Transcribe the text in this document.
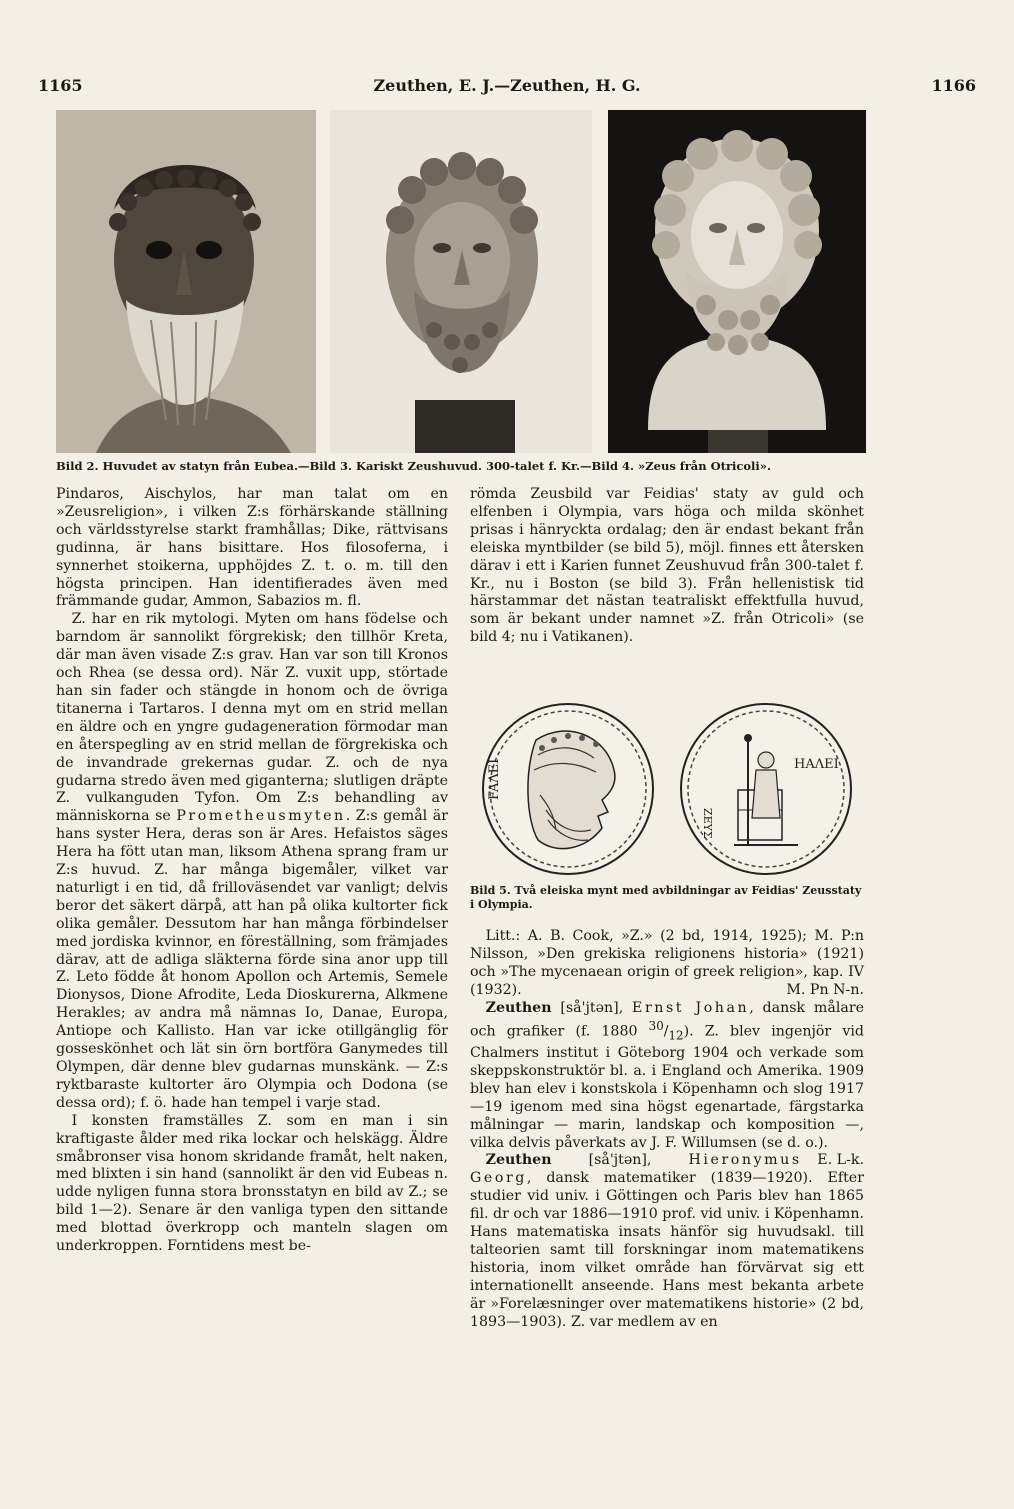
1165	Zeuthen, E. J.—Zeuthen, H. G.	1166
Bild 2. Huvudet av statyn från Eubea.—Bild 3. Kariskt Zeushuvud. 300-talet f. Kr.—Bild 4. »Zeus från Otricoli».

Pindaros, Aischylos, har man talat om en »Zeusreligion», i vilken Z:s förhärskande ställning och världsstyrelse starkt framhållas; Dike, rättvisans gudinna, är hans bisittare. Hos filosoferna, i synnerhet stoikerna, upphöjdes Z. t. o. m. till den högsta principen. Han identifierades även med främmande gudar, Ammon, Sabazios m. fl.

Z. har en rik mytologi. Myten om hans födelse och barndom är sannolikt förgrekisk; den tillhör Kreta, där man även visade Z:s grav. Han var son till Kronos och Rhea (se dessa ord). När Z. vuxit upp, störtade han sin fader och stängde in honom och de övriga titanerna i Tartaros. I denna myt om en strid mellan en äldre och en yngre gudageneration förmodar man en återspegling av en strid mellan de förgrekiska och de invandrade grekernas gudar. Z. och de nya gudarna stredo även med giganterna; slutligen dräpte Z. vulkanguden Tyfon. Om Z:s behandling av människorna se Prometheusmyten. Z:s gemål är hans syster Hera, deras son är Ares. Hefaistos säges Hera ha fött utan man, liksom Athena sprang fram ur Z:s huvud. Z. har många bigemåler, vilket var naturligt i en tid, då frilloväsendet var vanligt; delvis beror det säkert därpå, att han på olika kultorter fick olika gemåler. Dessutom har han många förbindelser med jordiska kvinnor, en föreställning, som främjades därav, att de adliga släkterna förde sina anor upp till Z. Leto födde åt honom Apollon och Artemis, Semele Dionysos, Dione Afrodite, Leda Dioskurerna, Alkmene Herakles; av andra må nämnas Io, Danae, Europa, Antiope och Kallisto. Han var icke otillgänglig för gosseskönhet och lät sin örn bortföra Ganymedes till Olympen, där denne blev gudarnas munskänk. — Z:s ryktbaraste kultorter äro Olympia och Dodona (se dessa ord); f. ö. hade han tempel i varje stad.

I konsten framställes Z. som en man i sin kraftigaste ålder med rika lockar och helskägg. Äldre småbronser visa honom skridande framåt, helt naken, med blixten i sin hand (sannolikt är den vid Eubeas n. udde nyligen funna stora bronsstatyn en bild av Z.; se bild 1—2). Senare är den vanliga typen den sittande med blottad överkropp och manteln slagen om underkroppen. Forntidens mest be-

römda Zeusbild var Feidias' staty av guld och elfenben i Olympia, vars höga och milda skönhet prisas i hänryckta ordalag; den är endast bekant från eleiska myntbilder (se bild 5), möjl. finnes ett återsken därav i ett i Karien funnet Zeushuvud från 300-talet f. Kr., nu i Boston (se bild 3). Från hellenistisk tid härstammar det nästan teatraliskt effektfulla huvud, som är bekant under namnet »Z. från Otricoli» (se bild 4; nu i Vatikanen).

FAΛΕΙ	ΗΑΛΕΙ
ΖΕΥΣ
Bild 5. Två eleiska mynt med avbildningar av Feidias' Zeusstaty i Olympia.

Litt.: A. B. Cook, »Z.» (2 bd, 1914, 1925); M. P:n Nilsson, »Den grekiska religionens historia» (1921) och »The mycenaean origin of greek religion», kap. IV (1932).	M. Pn N-n.

Zeuthen [så'jtən], Ernst Johan, dansk målare och grafiker (f. 1880 $^{30}/_{12}$). Z. blev ingenjör vid Chalmers institut i Göteborg 1904 och verkade som skeppskonstruktör bl. a. i England och Amerika. 1909 blev han elev i konstskola i Köpenhamn och slog 1917—19 igenom med sina högst egenartade, färgstarka målningar — marin, landskap och komposition —, vilka delvis påverkats av J. F. Willumsen (se d. o.).
E. L-k.

Zeuthen [så'jtən], Hieronymus Georg, dansk matematiker (1839—1920). Efter studier vid univ. i Göttingen och Paris blev han 1865 fil. dr och var 1886—1910 prof. vid univ. i Köpenhamn. Hans matematiska insats hänför sig huvudsakl. till talteorien samt till forskningar inom matematikens historia, inom vilket område han förvärvat sig ett internationellt anseende. Hans mest bekanta arbete är »Forelæsninger over matematikens historie» (2 bd, 1893—1903). Z. var medlem av en
